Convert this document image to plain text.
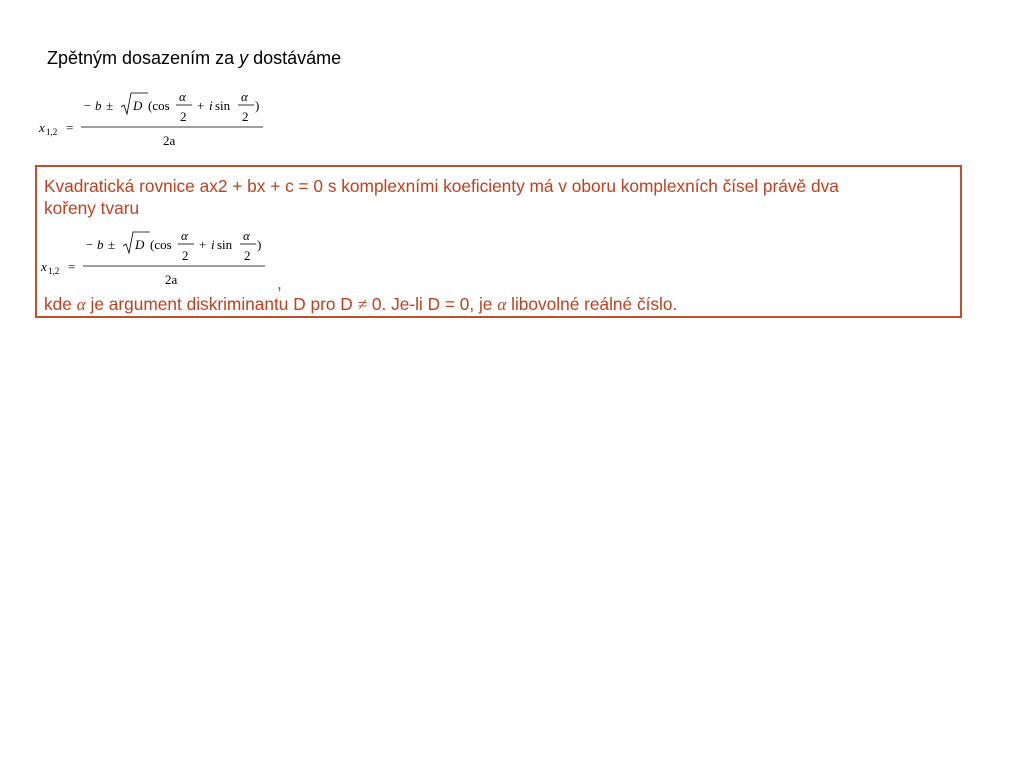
Zpětným dosazením za y dostáváme
x 1,2 =
− b ± D (cos
α
2
+ i sin
α
2
)
2a
Kvadratická rovnice ax2 + bx + c = 0 s komplexními koeficienty má v oboru komplexních čísel právě dva
kořeny tvaru
x 1,2 =
− b ± D (cos
α
2
+ i sin
α
2
)
2a	,
kde α je argument diskriminantu D pro D ≠ 0. Je-li D = 0, je α libovolné reálné číslo.
